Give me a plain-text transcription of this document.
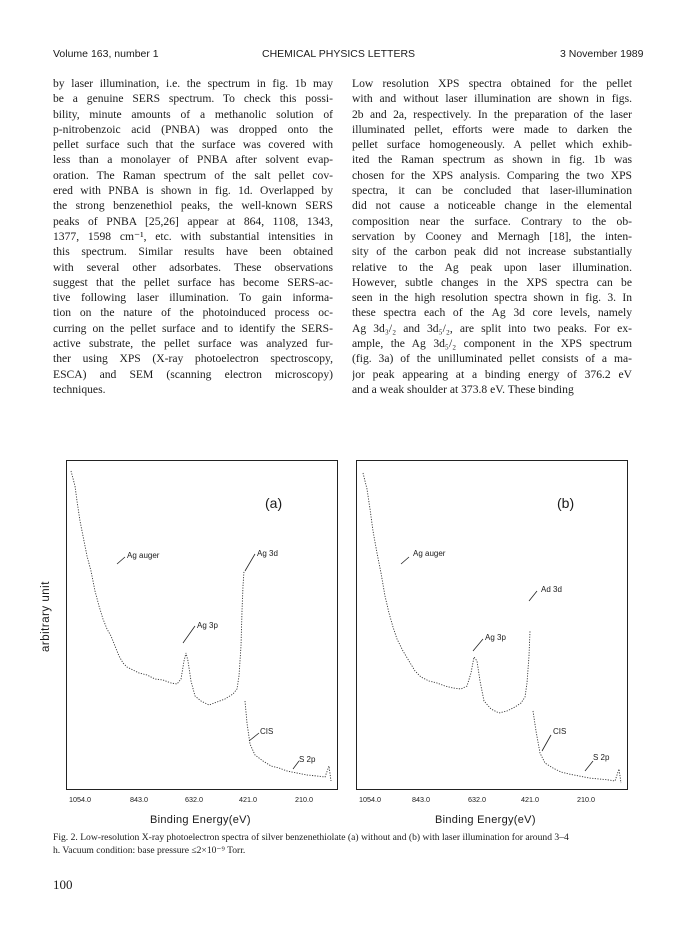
Volume 163, number 1	CHEMICAL PHYSICS LETTERS	3 November 1989
by laser illumination, i.e. the spectrum in fig. 1b may
be a genuine SERS spectrum. To check this possi-
bility, minute amounts of a methanolic solution of
p-nitrobenzoic acid (PNBA) was dropped onto the
pellet surface such that the surface was covered with
less than a monolayer of PNBA after solvent evap-
oration. The Raman spectrum of the salt pellet cov-
ered with PNBA is shown in fig. 1d. Overlapped by
the strong benzenethiol peaks, the well-known SERS
peaks of PNBA [25,26] appear at 864, 1108, 1343,
1377, 1598 cm⁻¹, etc. with substantial intensities in
this spectrum. Similar results have been obtained
with several other adsorbates. These observations
suggest that the pellet surface has become SERS-ac-
tive following laser illumination. To gain informa-
tion on the nature of the photoinduced process oc-
curring on the pellet surface and to identify the SERS-
active substrate, the pellet surface was analyzed fur-
ther using XPS (X-ray photoelectron spectroscopy,
ESCA) and SEM (scanning electron microscopy)
techniques.
Low resolution XPS spectra obtained for the pellet
with and without laser illumination are shown in figs.
2b and 2a, respectively. In the preparation of the laser
illuminated pellet, efforts were made to darken the
pellet surface homogeneously. A pellet which exhib-
ited the Raman spectrum as shown in fig. 1b was
chosen for the XPS analysis. Comparing the two XPS
spectra, it can be concluded that laser-illumination
did not cause a noticeable change in the elemental
composition near the surface. Contrary to the ob-
servation by Cooney and Mernagh [18], the inten-
sity of the carbon peak did not increase substantially
relative to the Ag peak upon laser illumination.
However, subtle changes in the XPS spectra can be
seen in the high resolution spectra shown in fig. 3. In
these spectra each of the Ag 3d core levels, namely
Ag 3d₃/₂ and 3d₅/₂, are split into two peaks. For ex-
ample, the Ag 3d₅/₂ component in the XPS spectrum
(fig. 3a) of the unilluminated pellet consists of a ma-
jor peak appearing at a binding energy of 376.2 eV
and a weak shoulder at 373.8 eV. These binding
arbitrary unit
(a)
Ag auger	Ag 3d
Ag 3p
CIS
S 2p
(b)
Ag auger
Ad 3d
Ag 3p
CIS
S 2p
1054.0	843.0	632.0	421.0	210.0	1054.0	843.0	632.0	421.0	210.0
Binding Energy(eV)	Binding Energy(eV)
Fig. 2. Low-resolution X-ray photoelectron spectra of silver benzenethiolate (a) without and (b) with laser illumination for around 3–4
h. Vacuum condition: base pressure ≤2×10⁻⁹ Torr.
100
